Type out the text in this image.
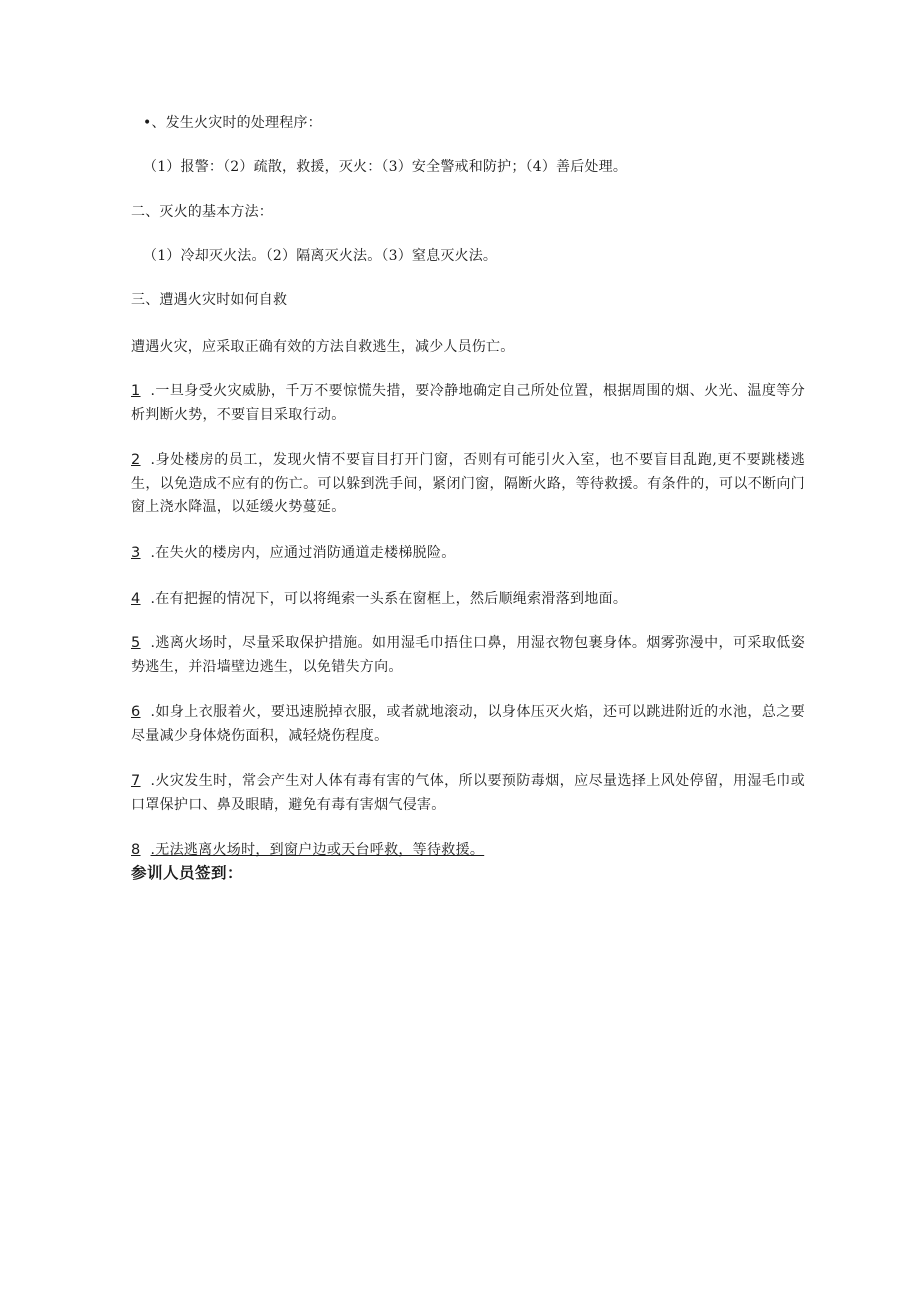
•、发生火灾时的处理程序：
（1）报警：（2）疏散，救援，灭火：（3）安全警戒和防护；（4）善后处理。
二、灭火的基本方法：
（1）冷却灭火法。（2）隔离灭火法。（3）窒息灭火法。
三、遭遇火灾时如何自救
遭遇火灾，应采取正确有效的方法自救逃生，减少人员伤亡。
1 .一旦身受火灾威胁，千万不要惊慌失措，要冷静地确定自己所处位置，根据周围的烟、火光、温度等分析判断火势，不要盲目采取行动。
2 .身处楼房的员工，发现火情不要盲目打开门窗，否则有可能引火入室，也不要盲目乱跑,更不要跳楼逃生，以免造成不应有的伤亡。可以躲到洗手间，紧闭门窗，隔断火路，等待救援。有条件的，可以不断向门窗上浇水降温，以延缓火势蔓延。
3 .在失火的楼房内，应通过消防通道走楼梯脱险。
4 .在有把握的情况下，可以将绳索一头系在窗框上，然后顺绳索滑落到地面。
5 .逃离火场时，尽量采取保护措施。如用湿毛巾捂住口鼻，用湿衣物包裹身体。烟雾弥漫中，可采取低姿势逃生，并沿墙壁边逃生，以免错失方向。
6 .如身上衣服着火，要迅速脱掉衣服，或者就地滚动，以身体压灭火焰，还可以跳进附近的水池，总之要尽量减少身体烧伤面积，减轻烧伤程度。
7 .火灾发生时，常会产生对人体有毒有害的气体，所以要预防毒烟，应尽量选择上风处停留，用湿毛巾或口罩保护口、鼻及眼睛，避免有毒有害烟气侵害。
8 .无法逃离火场时，到窗户边或天台呼救，等待救援。
参训人员签到：
